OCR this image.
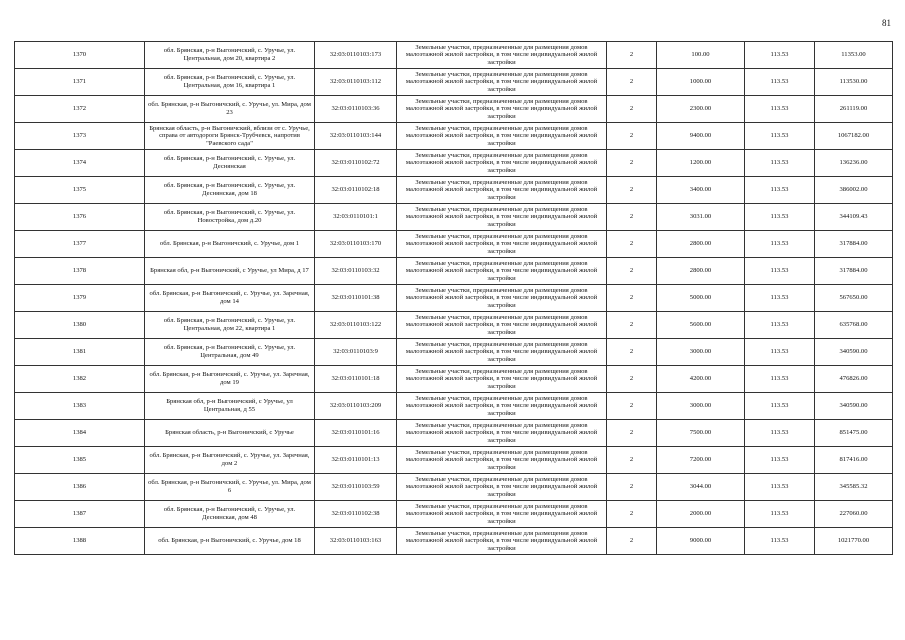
81
1370	обл. Брянская, р-н Выгоничский, с. Уручье, ул. Центральная, дом 20, квартира 2	32:03:0110103:173	Земельные участки, предназначенные для размещения домов малоэтажной жилой застройки, в том числе индивидуальной жилой застройки	2	100.00	113.53	11353.00
1371	обл. Брянская, р-н Выгоничский, с. Уручье, ул. Центральная, дом 16, квартира 1	32:03:0110103:112	Земельные участки, предназначенные для размещения домов малоэтажной жилой застройки, в том числе индивидуальной жилой застройки	2	1000.00	113.53	113530.00
1372	обл. Брянская, р-н Выгоничский, с. Уручье, ул. Мира, дом 23	32:03:0110103:36	Земельные участки, предназначенные для размещения домов малоэтажной жилой застройки, в том числе индивидуальной жилой застройки	2	2300.00	113.53	261119.00
1373	Брянская область, р-н Выгоничский, вблизи от с. Уручье, справа от автодороги Брянск-Трубчевск, напротив "Раевского сада"	32:03:0110103:144	Земельные участки, предназначенные для размещения домов малоэтажной жилой застройки, в том числе индивидуальной жилой застройки	2	9400.00	113.53	1067182.00
1374	обл. Брянская, р-н Выгоничский, с. Уручье, ул. Деснянская	32:03:0110102:72	Земельные участки, предназначенные для размещения домов малоэтажной жилой застройки, в том числе индивидуальной жилой застройки	2	1200.00	113.53	136236.00
1375	обл. Брянская, р-н Выгоничский, с. Уручье, ул. Деснянская, дом 18	32:03:0110102:18	Земельные участки, предназначенные для размещения домов малоэтажной жилой застройки, в том числе индивидуальной жилой застройки	2	3400.00	113.53	386002.00
1376	обл. Брянская, р-н Выгоничский, с. Уручье, ул. Новостройка, дом д.20	32:03:0110101:1	Земельные участки, предназначенные для размещения домов малоэтажной жилой застройки, в том числе индивидуальной жилой застройки	2	3031.00	113.53	344109.43
1377	обл. Брянская, р-н Выгоничский, с. Уручье, дом 1	32:03:0110103:170	Земельные участки, предназначенные для размещения домов малоэтажной жилой застройки, в том числе индивидуальной жилой застройки	2	2800.00	113.53	317884.00
1378	Брянская обл, р-н Выгоничский, с Уручье, ул Мира, д 17	32:03:0110103:32	Земельные участки, предназначенные для размещения домов малоэтажной жилой застройки, в том числе индивидуальной жилой застройки	2	2800.00	113.53	317884.00
1379	обл. Брянская, р-н Выгоничский, с. Уручье, ул. Заречная, дом 14	32:03:0110101:38	Земельные участки, предназначенные для размещения домов малоэтажной жилой застройки, в том числе индивидуальной жилой застройки	2	5000.00	113.53	567650.00
1380	обл. Брянская, р-н Выгоничский, с. Уручье, ул. Центральная, дом 22, квартира 1	32:03:0110103:122	Земельные участки, предназначенные для размещения домов малоэтажной жилой застройки, в том числе индивидуальной жилой застройки	2	5600.00	113.53	635768.00
1381	обл. Брянская, р-н Выгоничский, с. Уручье, ул. Центральная, дом 49	32:03:0110103:9	Земельные участки, предназначенные для размещения домов малоэтажной жилой застройки, в том числе индивидуальной жилой застройки	2	3000.00	113.53	340590.00
1382	обл. Брянская, р-н Выгоничский, с. Уручье, ул. Заречная, дом 19	32:03:0110101:18	Земельные участки, предназначенные для размещения домов малоэтажной жилой застройки, в том числе индивидуальной жилой застройки	2	4200.00	113.53	476826.00
1383	Брянская обл, р-н Выгоничский, с Уручье, ул Центральная, д 55	32:03:0110103:209	Земельные участки, предназначенные для размещения домов малоэтажной жилой застройки, в том числе индивидуальной жилой застройки	2	3000.00	113.53	340590.00
1384	Брянская область, р-н Выгоничский, с Уручье	32:03:0110101:16	Земельные участки, предназначенные для размещения домов малоэтажной жилой застройки, в том числе индивидуальной жилой застройки	2	7500.00	113.53	851475.00
1385	обл. Брянская, р-н Выгоничский, с. Уручье, ул. Заречная, дом 2	32:03:0110101:13	Земельные участки, предназначенные для размещения домов малоэтажной жилой застройки, в том числе индивидуальной жилой застройки	2	7200.00	113.53	817416.00
1386	обл. Брянская, р-н Выгоничский, с. Уручье, ул. Мира, дом 6	32:03:0110103:59	Земельные участки, предназначенные для размещения домов малоэтажной жилой застройки, в том числе индивидуальной жилой застройки	2	3044.00	113.53	345585.32
1387	обл. Брянская, р-н Выгоничский, с. Уручье, ул. Деснянская, дом 48	32:03:0110102:38	Земельные участки, предназначенные для размещения домов малоэтажной жилой застройки, в том числе индивидуальной жилой застройки	2	2000.00	113.53	227060.00
1388	обл. Брянская, р-н Выгоничский, с. Уручье, дом 18	32:03:0110103:163	Земельные участки, предназначенные для размещения домов малоэтажной жилой застройки, в том числе индивидуальной жилой застройки	2	9000.00	113.53	1021770.00
